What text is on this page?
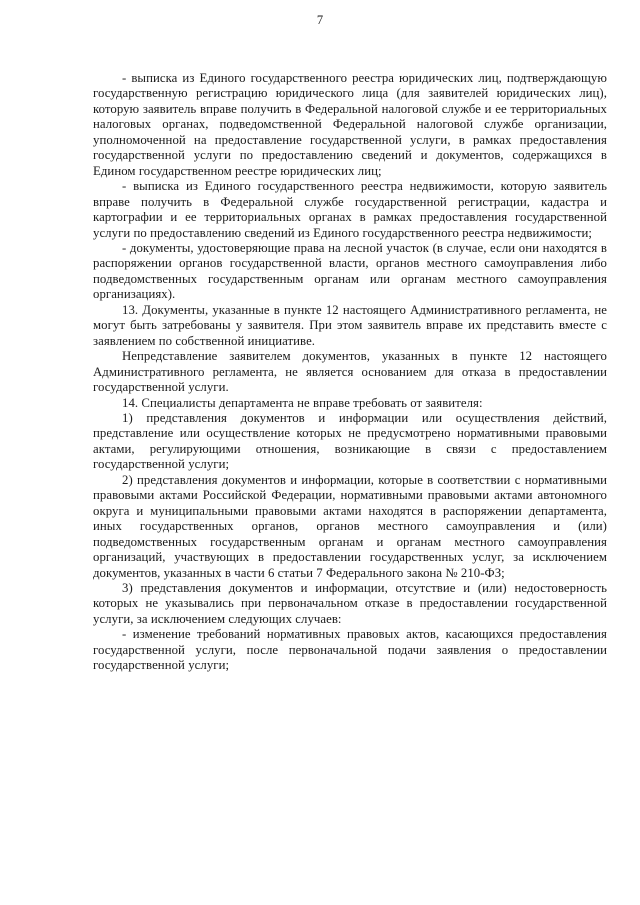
7

- выписка из Единого государственного реестра юридических лиц, подтверждающую государственную регистрацию юридического лица (для заявителей юридических лиц), которую заявитель вправе получить в Федеральной налоговой службе и ее территориальных налоговых органах, подведомственной Федеральной налоговой службе организации, уполномоченной на предоставление государственной услуги, в рамках предоставления государственной услуги по предоставлению сведений и документов, содержащихся в Едином государственном реестре юридических лиц;

- выписка из Единого государственного реестра недвижимости, которую заявитель вправе получить в Федеральной службе государственной регистрации, кадастра и картографии и ее территориальных органах в рамках предоставления государственной услуги по предоставлению сведений из Единого государственного реестра недвижимости;

- документы, удостоверяющие права на лесной участок (в случае, если они находятся в распоряжении органов государственной власти, органов местного самоуправления либо подведомственных государственным органам или органам местного самоуправления организациях).

13. Документы, указанные в пункте 12 настоящего Административного регламента, не могут быть затребованы у заявителя. При этом заявитель вправе их представить вместе с заявлением по собственной инициативе.

Непредставление заявителем документов, указанных в пункте 12 настоящего Административного регламента, не является основанием для отказа в предоставлении государственной услуги.

14. Специалисты департамента не вправе требовать от заявителя:

1) представления документов и информации или осуществления действий, представление или осуществление которых не предусмотрено нормативными правовыми актами, регулирующими отношения, возникающие в связи с предоставлением государственной услуги;

2) представления документов и информации, которые в соответствии с нормативными правовыми актами Российской Федерации, нормативными правовыми актами автономного округа и муниципальными правовыми актами находятся в распоряжении департамента, иных государственных органов, органов местного самоуправления и (или) подведомственных государственным органам и органам местного самоуправления организаций, участвующих в предоставлении государственных услуг, за исключением документов, указанных в части 6 статьи 7 Федерального закона № 210-ФЗ;

3) представления документов и информации, отсутствие и (или) недостоверность которых не указывались при первоначальном отказе в предоставлении государственной услуги, за исключением следующих случаев:

- изменение требований нормативных правовых актов, касающихся предоставления государственной услуги, после первоначальной подачи заявления о предоставлении государственной услуги;
